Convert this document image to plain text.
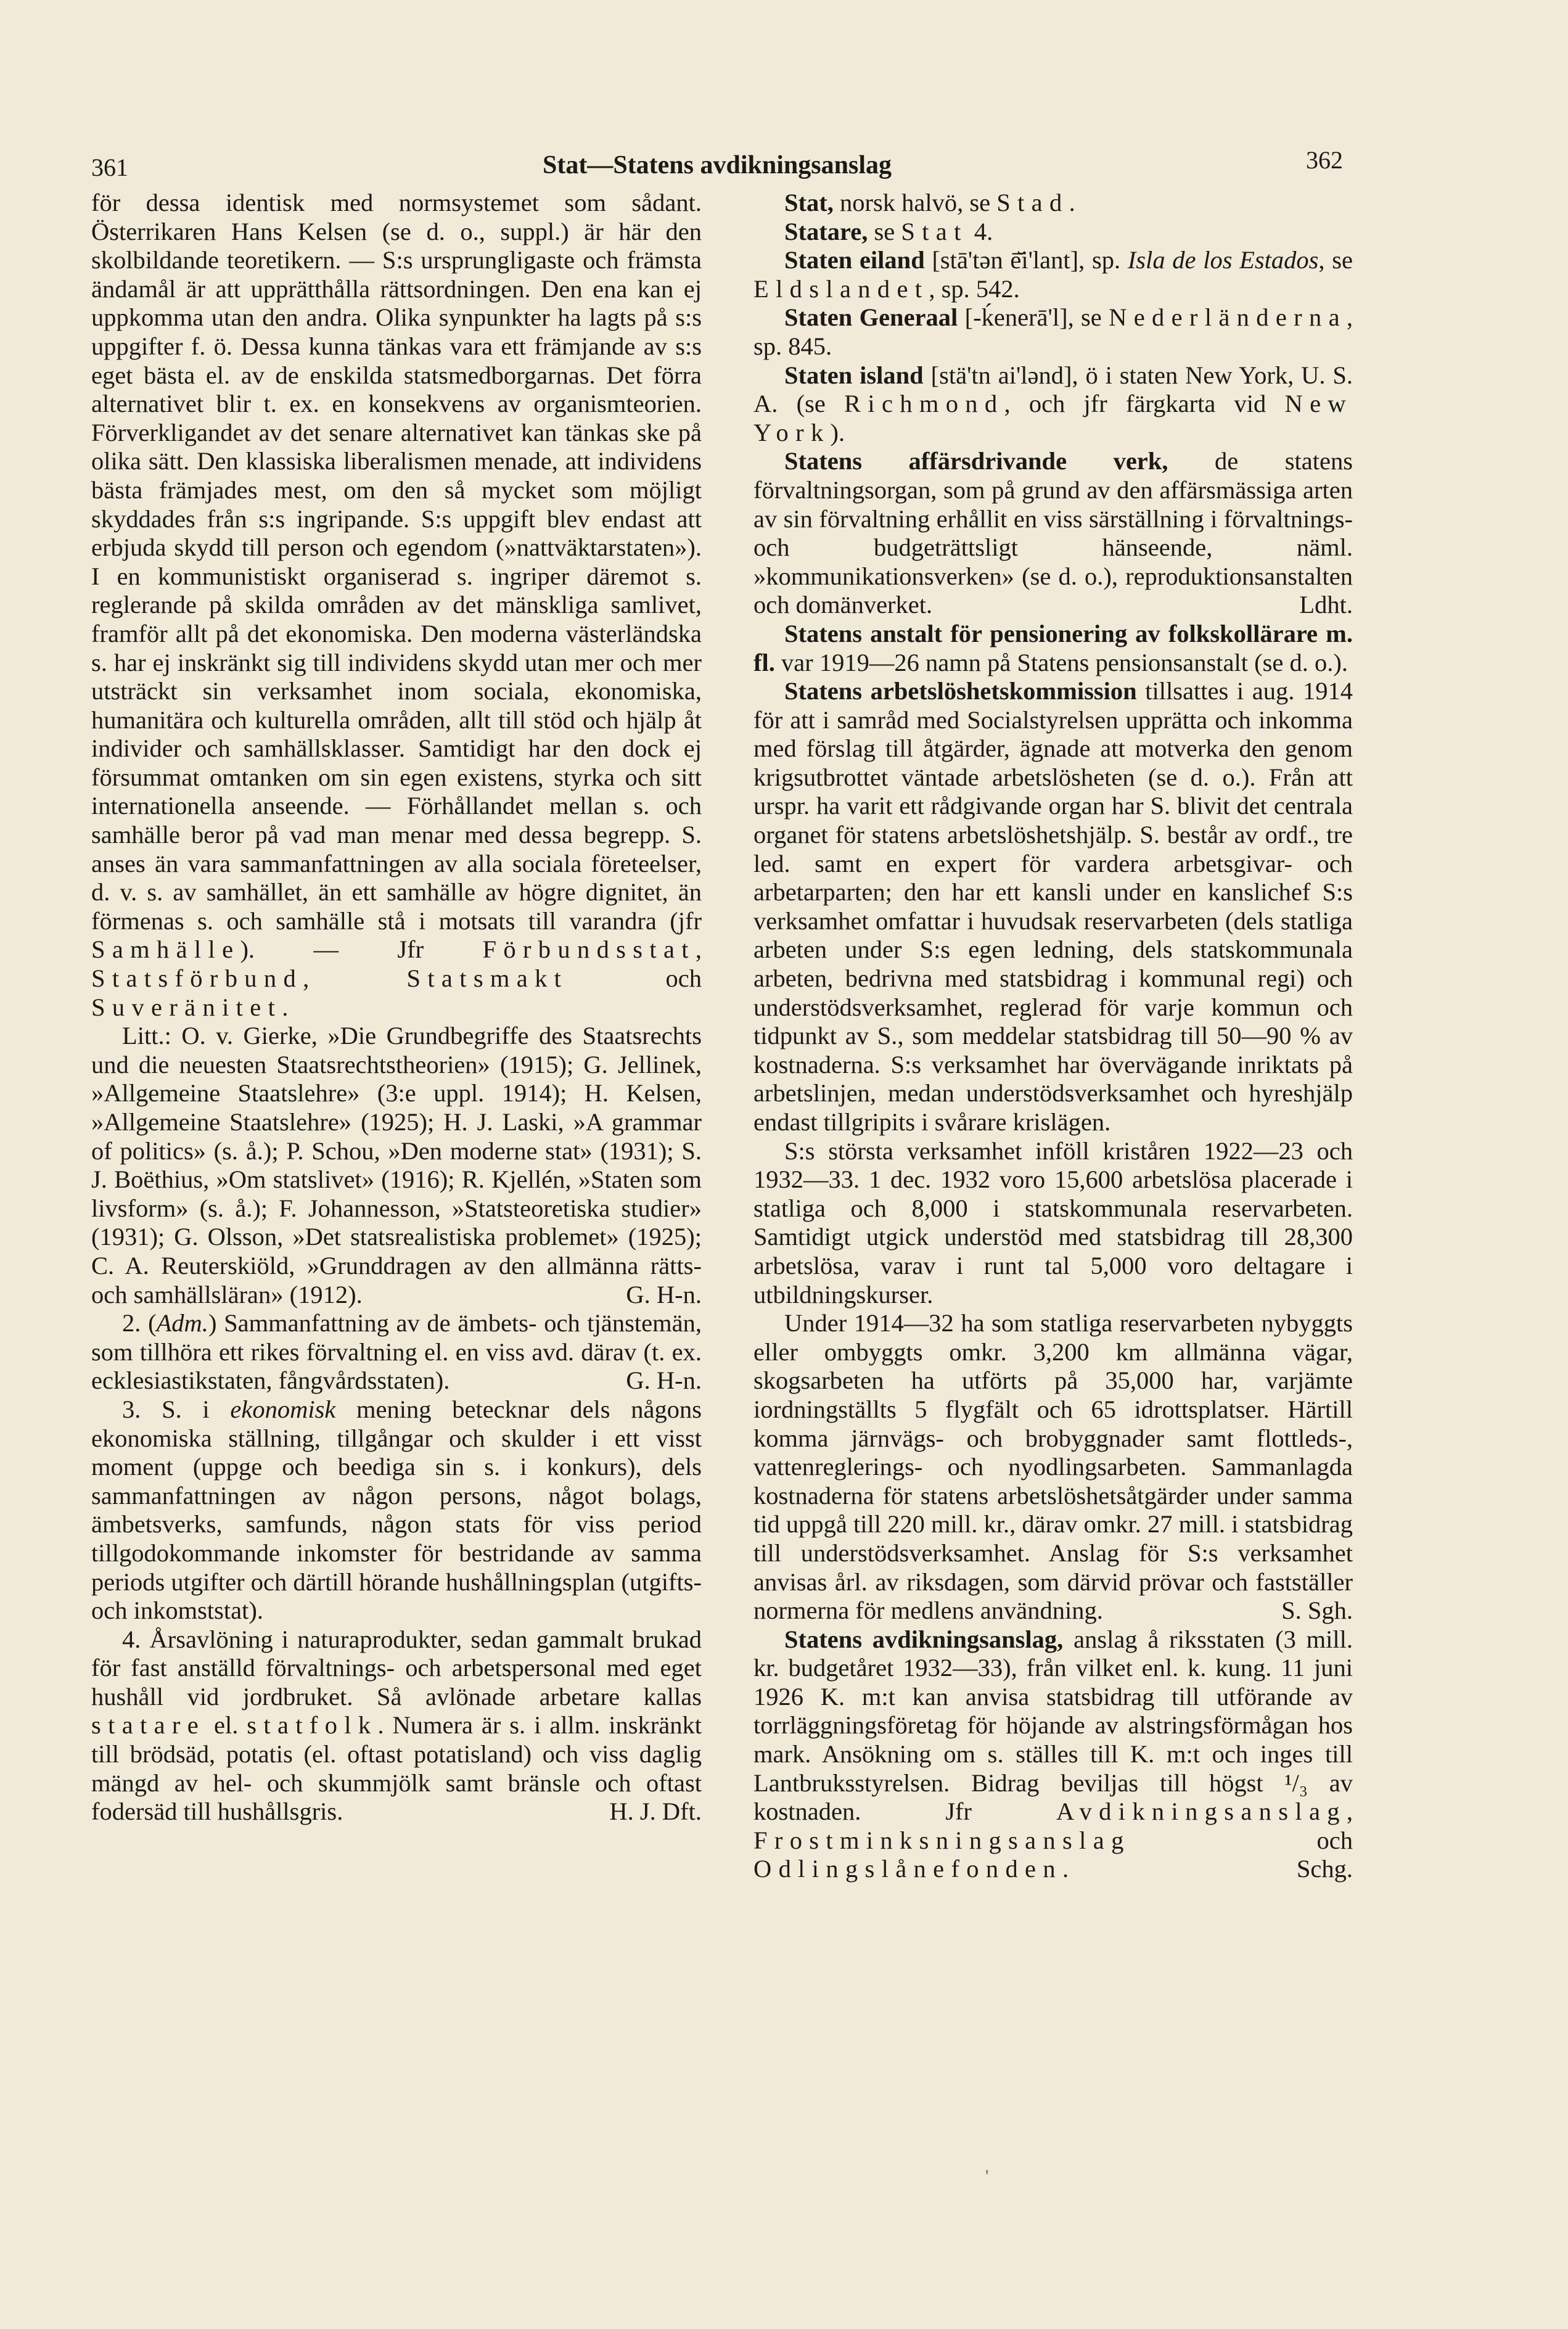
361	Stat—Statens avdikningsanslag	362

för dessa identisk med normsystemet som sådant. Österrikaren Hans Kelsen (se d. o., suppl.) är här den skolbildande teoretikern. — S:s ursprungligaste och främsta ändamål är att upprätthålla rättsordningen. Den ena kan ej uppkomma utan den andra. Olika synpunkter ha lagts på s:s uppgifter f. ö. Dessa kunna tänkas vara ett främjande av s:s eget bästa el. av de enskilda statsmedborgarnas. Det förra alternativet blir t. ex. en konsekvens av organismteorien. Förverkligandet av det senare alternativet kan tänkas ske på olika sätt. Den klassiska liberalismen menade, att individens bästa främjades mest, om den så mycket som möjligt skyddades från s:s ingripande. S:s uppgift blev endast att erbjuda skydd till person och egendom (»nattväktarstaten»). I en kommunistiskt organiserad s. ingriper däremot s. reglerande på skilda områden av det mänskliga samlivet, framför allt på det ekonomiska. Den moderna västerländska s. har ej inskränkt sig till individens skydd utan mer och mer utsträckt sin verksamhet inom sociala, ekonomiska, humanitära och kulturella områden, allt till stöd och hjälp åt individer och samhällsklasser. Samtidigt har den dock ej försummat omtanken om sin egen existens, styrka och sitt internationella anseende. — Förhållandet mellan s. och samhälle beror på vad man menar med dessa begrepp. S. anses än vara sammanfattningen av alla sociala företeelser, d. v. s. av samhället, än ett samhälle av högre dignitet, än förmenas s. och samhälle stå i motsats till varandra (jfr Samhälle). — Jfr Förbundsstat, Statsförbund,	Statsmakt	och Suveränitet.

Litt.: O. v. Gierke, »Die Grundbegriffe des Staatsrechts und die neuesten Staatsrechtstheorien» (1915); G. Jellinek, »Allgemeine Staatslehre» (3:e uppl. 1914); H. Kelsen, »Allgemeine Staatslehre» (1925); H. J. Laski, »A grammar of politics» (s. å.); P. Schou, »Den moderne stat» (1931); S. J. Boëthius, »Om statslivet» (1916); R. Kjellén, »Staten som livsform» (s. å.); F. Johannesson, »Statsteoretiska studier» (1931); G. Olsson, »Det statsrealistiska problemet» (1925); C. A. Reuterskiöld, »Grunddragen av den allmänna rätts- och samhällsläran» (1912).	G. H-n.

2. (Adm.) Sammanfattning av de ämbets- och tjänstemän, som tillhöra ett rikes förvaltning el. en viss avd. därav (t. ex. ecklesiastikstaten, fångvårdsstaten).	G. H-n.

3. S. i ekonomisk mening betecknar dels någons ekonomiska ställning, tillgångar och skulder i ett visst moment (uppge och beediga sin s. i konkurs), dels sammanfattningen av någon persons, något bolags, ämbetsverks, samfunds, någon stats för viss period tillgodokommande inkomster för bestridande av samma periods utgifter och därtill hörande hushållningsplan (utgifts- och inkomststat).

4. Årsavlöning i naturaprodukter, sedan gammalt brukad för fast anställd förvaltnings- och arbetspersonal med eget hushåll vid jordbruket. Så avlönade arbetare kallas statare el. statfolk. Numera är s. i allm. inskränkt till brödsäd, potatis (el. oftast potatisland) och viss daglig mängd av hel- och skummjölk samt bränsle och oftast fodersäd till hushållsgris.	H. J. Dft.

Stat, norsk halvö, se Stad.

Statare, se Stat 4.

Staten eiland [stā'tən ē̆i'lant], sp. Isla de los Estados, se Eldslandet, sp. 542.

Staten Generaal [-ḱenerā'l], se Nederländerna, sp. 845.

Staten island [stä'tn ai'lənd], ö i staten New York, U. S. A. (se Richmond, och jfr färgkarta vid New York).

Statens affärsdrivande verk, de statens förvaltningsorgan, som på grund av den affärsmässiga arten av sin förvaltning erhållit en viss särställning i förvaltnings- och budgeträttsligt hänseende, näml. »kommunikationsverken» (se d. o.), reproduktionsanstalten och domänverket.	Ldht.

Statens anstalt för pensionering av folkskollärare m. fl. var 1919—26 namn på Statens pensionsanstalt (se d. o.).

Statens arbetslöshetskommission tillsattes i aug. 1914 för att i samråd med Socialstyrelsen upprätta och inkomma med förslag till åtgärder, ägnade att motverka den genom krigsutbrottet väntade arbetslösheten (se d. o.). Från att urspr. ha varit ett rådgivande organ har S. blivit det centrala organet för statens arbetslöshetshjälp. S. består av ordf., tre led. samt en expert för vardera arbetsgivar- och arbetarparten; den har ett kansli under en kanslichef S:s verksamhet omfattar i huvudsak reservarbeten (dels statliga arbeten under S:s egen ledning, dels statskommunala arbeten, bedrivna med statsbidrag i kommunal regi) och understödsverksamhet, reglerad för varje kommun och tidpunkt av S., som meddelar statsbidrag till 50—90 % av kostnaderna. S:s verksamhet har övervägande inriktats på arbetslinjen, medan understödsverksamhet och hyreshjälp endast tillgripits i svårare krislägen.

S:s största verksamhet inföll kriståren 1922—23 och 1932—33. 1 dec. 1932 voro 15,600 arbetslösa placerade i statliga och 8,000 i statskommunala reservarbeten. Samtidigt utgick understöd med statsbidrag till 28,300 arbetslösa, varav i runt tal 5,000 voro deltagare i utbildningskurser.

Under 1914—32 ha som statliga reservarbeten nybyggts eller ombyggts omkr. 3,200 km allmänna vägar, skogsarbeten ha utförts på 35,000 har, varjämte iordningställts 5 flygfält och 65 idrottsplatser. Härtill komma järnvägs- och brobyggnader samt flottleds-, vattenreglerings- och nyodlingsarbeten. Sammanlagda kostnaderna för statens arbetslöshetsåtgärder under samma tid uppgå till 220 mill. kr., därav omkr. 27 mill. i statsbidrag till understödsverksamhet. Anslag för S:s verksamhet anvisas årl. av riksdagen, som därvid prövar och fastställer normerna för medlens användning.	S. Sgh.

Statens avdikningsanslag, anslag å riksstaten (3 mill. kr. budgetåret 1932—33), från vilket enl. k. kung. 11 juni 1926 K. m:t kan anvisa statsbidrag till utförande av torrläggningsföretag för höjande av alstringsförmågan hos mark. Ansökning om s. ställes till K. m:t och inges till Lantbruksstyrelsen. Bidrag beviljas till högst ¹/₃ av kostnaden. Jfr	Avdikningsanslag, Frostminksningsanslag	och Odlingslånefonden.	Schg.

'
